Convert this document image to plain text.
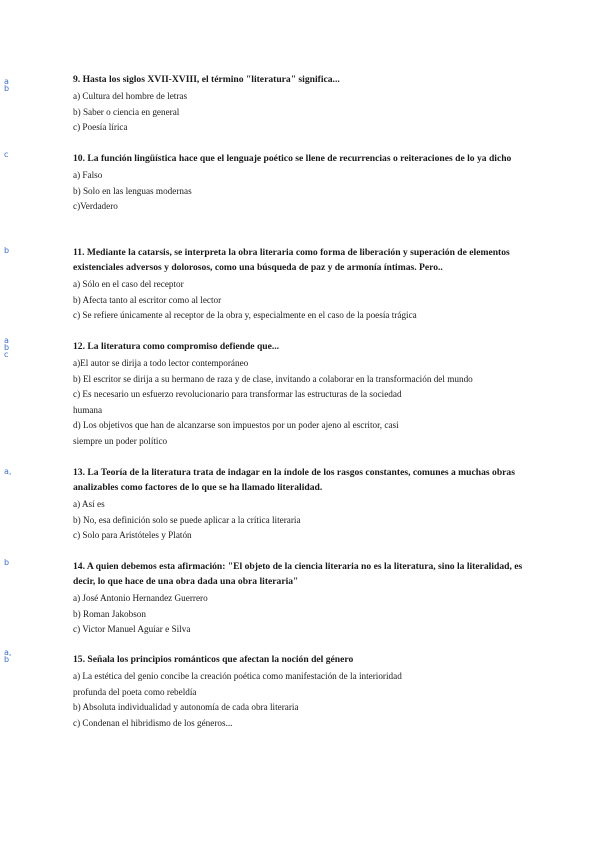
a
b

9. Hasta los siglos XVII-XVIII, el término "literatura" significa...

a) Cultura del hombre de letras

b) Saber o ciencia en general

c) Poesía lírica

c	10. La función lingüística hace que el lenguaje poético se llene de recurrencias o reiteraciones de lo ya dicho

a) Falso

b) Solo en las lenguas modernas

c)Verdadero

b	11. Mediante la catarsis, se interpreta la obra literaria como forma de liberación y superación de elementos existenciales adversos y dolorosos, como una búsqueda de paz y de armonía íntimas. Pero..

a) Sólo en el caso del receptor

b) Afecta tanto al escritor como al lector

c) Se refiere únicamente al receptor de la obra y, especialmente en el caso de la poesía trágica

a
b
c

12. La literatura como compromiso defiende que...

a)El autor se dirija a todo lector contemporáneo

b) El escritor se dirija a su hermano de raza y de clase, invitando a colaborar en la transformación del mundo

c) Es necesario un esfuerzo revolucionario para transformar las estructuras de la sociedad

humana

d) Los objetivos que han de alcanzarse son impuestos por un poder ajeno al escritor, casi

siempre un poder político

a,	13. La Teoría de la literatura trata de indagar en la índole de los rasgos constantes, comunes a muchas obras analizables como factores de lo que se ha llamado literalidad.

a) Así es

b) No, esa definición solo se puede aplicar a la crítica literaria

c) Solo para Aristóteles y Platón

b	14. A quien debemos esta afirmación: "El objeto de la ciencia literaria no es la literatura, sino la literalidad, es decir, lo que hace de una obra dada una obra literaria"

a) José Antonio Hernandez Guerrero

b) Roman Jakobson

c) Victor Manuel Aguiar e Silva

a,
b	15. Señala los principios románticos que afectan la noción del género

a) La estética del genio concibe la creación poética como manifestación de la interioridad

profunda del poeta como rebeldía

b) Absoluta individualidad y autonomía de cada obra literaria

c) Condenan el hibridismo de los géneros...
